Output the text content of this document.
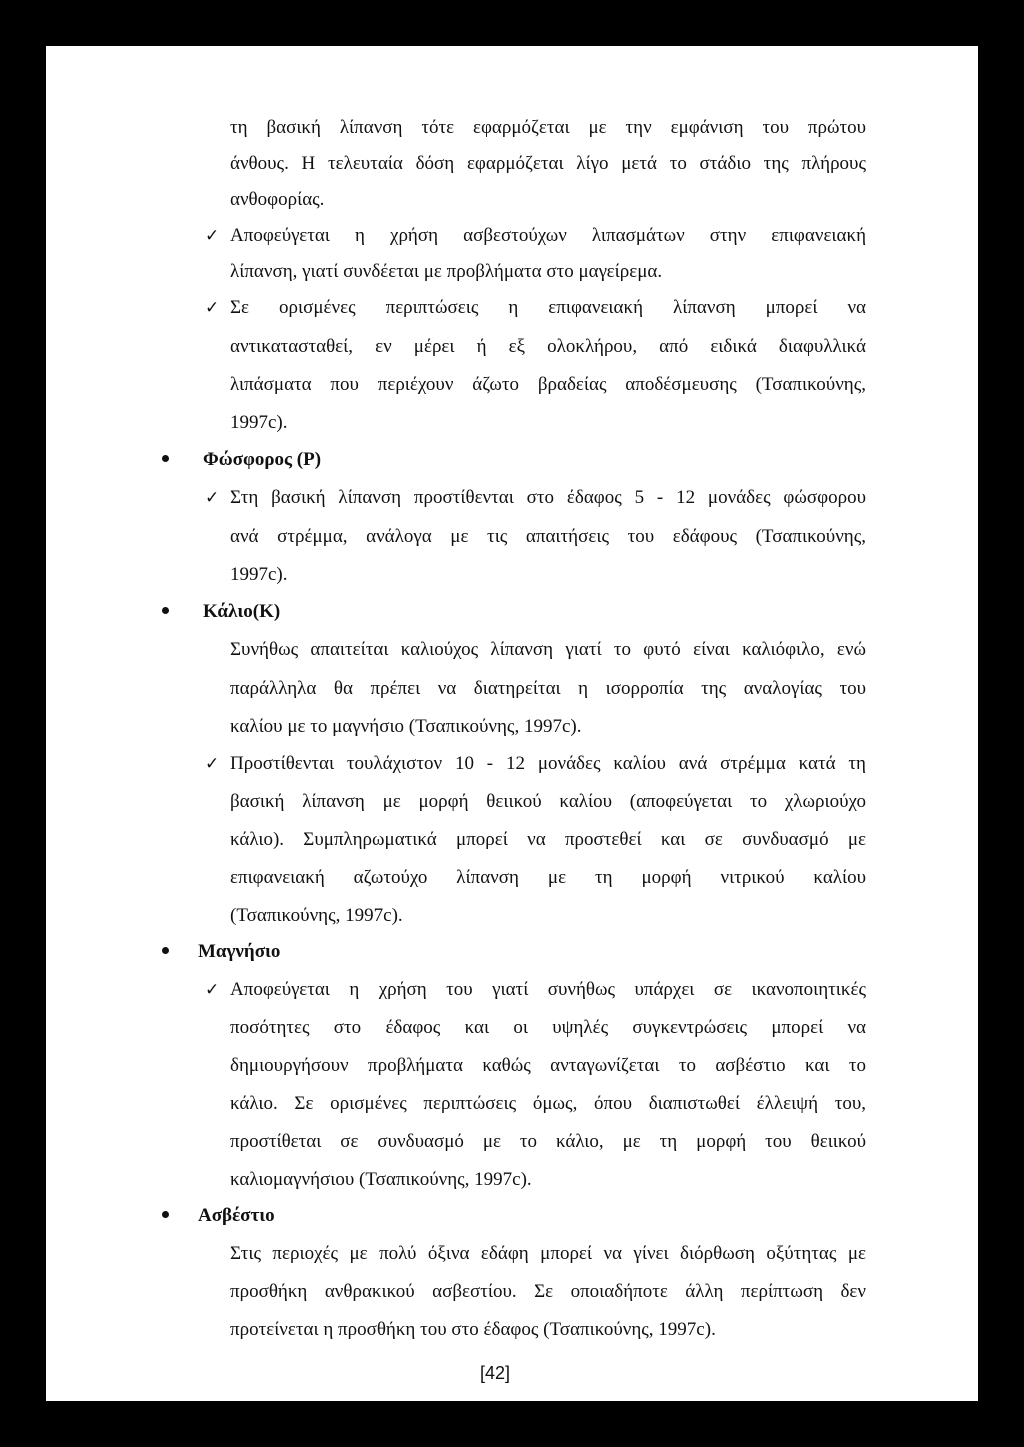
τη βασική λίπανση τότε εφαρμόζεται με την εμφάνιση του πρώτου
άνθους. Η τελευταία δόση εφαρμόζεται λίγο μετά το στάδιο της πλήρους
ανθοφορίας.
✓ Αποφεύγεται η χρήση ασβεστούχων λιπασμάτων στην επιφανειακή
λίπανση, γιατί συνδέεται με προβλήματα στο μαγείρεμα.
✓ Σε ορισμένες περιπτώσεις η επιφανειακή λίπανση μπορεί να
αντικατασταθεί, εν μέρει ή εξ ολοκλήρου, από ειδικά διαφυλλικά
λιπάσματα που περιέχουν άζωτο βραδείας αποδέσμευσης (Τσαπικούνης,
1997c).
Φώσφορος (P)
✓ Στη βασική λίπανση προστίθενται στο έδαφος 5 - 12 μονάδες φώσφορου
ανά στρέμμα, ανάλογα με τις απαιτήσεις του εδάφους (Τσαπικούνης,
1997c).
Κάλιο(K)
Συνήθως απαιτείται καλιούχος λίπανση γιατί το φυτό είναι καλιόφιλο, ενώ
παράλληλα θα πρέπει να διατηρείται η ισορροπία της αναλογίας του
καλίου με το μαγνήσιο (Τσαπικούνης, 1997c).
✓ Προστίθενται τουλάχιστον 10 - 12 μονάδες καλίου ανά στρέμμα κατά τη
βασική λίπανση με μορφή θειικού καλίου (αποφεύγεται το χλωριούχο
κάλιο). Συμπληρωματικά μπορεί να προστεθεί και σε συνδυασμό με
επιφανειακή αζωτούχο λίπανση με τη μορφή νιτρικού καλίου
(Τσαπικούνης, 1997c).
Μαγνήσιο
✓ Αποφεύγεται η χρήση του γιατί συνήθως υπάρχει σε ικανοποιητικές
ποσότητες στο έδαφος και οι υψηλές συγκεντρώσεις μπορεί να
δημιουργήσουν προβλήματα καθώς ανταγωνίζεται το ασβέστιο και το
κάλιο. Σε ορισμένες περιπτώσεις όμως, όπου διαπιστωθεί έλλειψή του,
προστίθεται σε συνδυασμό με το κάλιο, με τη μορφή του θειικού
καλιομαγνήσιου (Τσαπικούνης, 1997c).
Ασβέστιο
Στις περιοχές με πολύ όξινα εδάφη μπορεί να γίνει διόρθωση οξύτητας με
προσθήκη ανθρακικού ασβεστίου. Σε οποιαδήποτε άλλη περίπτωση δεν
προτείνεται η προσθήκη του στο έδαφος (Τσαπικούνης, 1997c).
[42]
